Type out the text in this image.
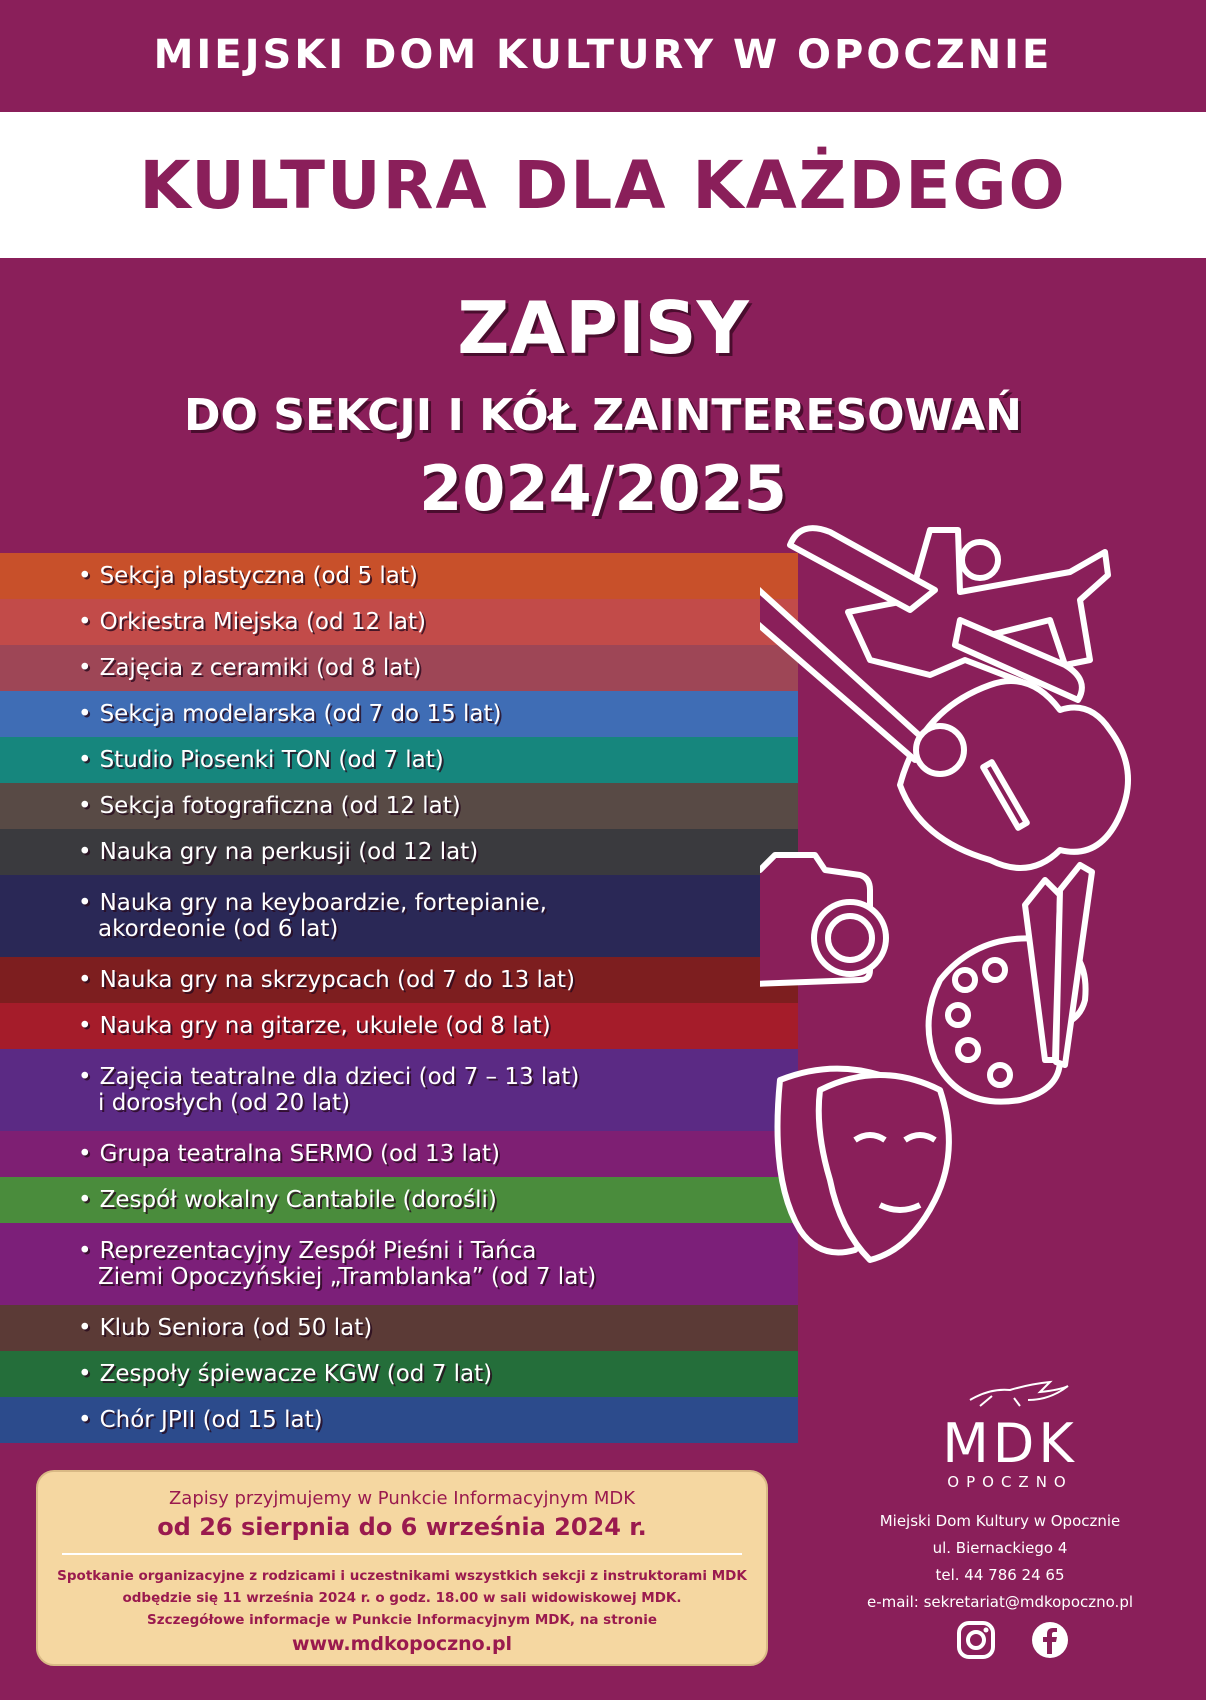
MIEJSKI DOM KULTURY W OPOCZNIE
KULTURA DLA KAŻDEGO
ZAPISY
DO SEKCJI I KÓŁ ZAINTERESOWAŃ
2024/2025
• Sekcja plastyczna (od 5 lat)
• Orkiestra Miejska (od 12 lat)
• Zajęcia z ceramiki (od 8 lat)
• Sekcja modelarska (od 7 do 15 lat)
• Studio Piosenki TON (od 7 lat)
• Sekcja fotograficzna (od 12 lat)
• Nauka gry na perkusji (od 12 lat)
• Nauka gry na keyboardzie, fortepianie,
akordeonie (od 6 lat)
• Nauka gry na skrzypcach (od 7 do 13 lat)
• Nauka gry na gitarze, ukulele (od 8 lat)
• Zajęcia teatralne dla dzieci (od 7 – 13 lat)
i dorosłych (od 20 lat)
• Grupa teatralna SERMO (od 13 lat)
• Zespół wokalny Cantabile (dorośli)
• Reprezentacyjny Zespół Pieśni i Tańca
Ziemi Opoczyńskiej „Tramblanka” (od 7 lat)
• Klub Seniora (od 50 lat)
• Zespoły śpiewacze KGW (od 7 lat)
• Chór JPII (od 15 lat)
Zapisy przyjmujemy w Punkcie Informacyjnym MDK
od 26 sierpnia do 6 września 2024 r.
Spotkanie organizacyjne z rodzicami i uczestnikami wszystkich sekcji z instruktorami MDK
odbędzie się 11 września 2024 r. o godz. 18.00 w sali widowiskowej MDK.
Szczegółowe informacje w Punkcie Informacyjnym MDK, na stronie
www.mdkopoczno.pl
MDK
OPOCZNO
Miejski Dom Kultury w Opocznie
ul. Biernackiego 4
tel. 44 786 24 65
e-mail: sekretariat@mdkopoczno.pl
